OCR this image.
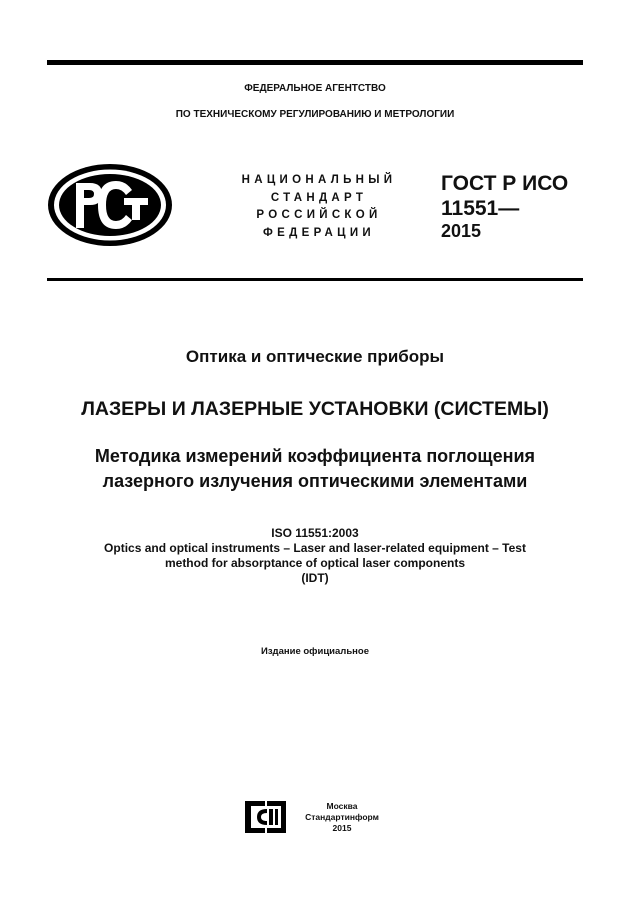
ФЕДЕРАЛЬНОЕ АГЕНТСТВО
ПО ТЕХНИЧЕСКОМУ РЕГУЛИРОВАНИЮ И МЕТРОЛОГИИ
НАЦИОНАЛЬНЫЙ
СТАНДАРТ
РОССИЙСКОЙ
ФЕДЕРАЦИИ
ГОСТ Р ИСО
11551—
2015
Оптика и оптические приборы
ЛАЗЕРЫ И ЛАЗЕРНЫЕ УСТАНОВКИ (СИСТЕМЫ)
Методика измерений коэффициента поглощения
лазерного излучения оптическими элементами
ISO 11551:2003
Optics and optical instruments – Laser and laser-related equipment – Test
method for absorptance of optical laser components
(IDT)
Издание официальное
Москва
Стандартинформ
2015
